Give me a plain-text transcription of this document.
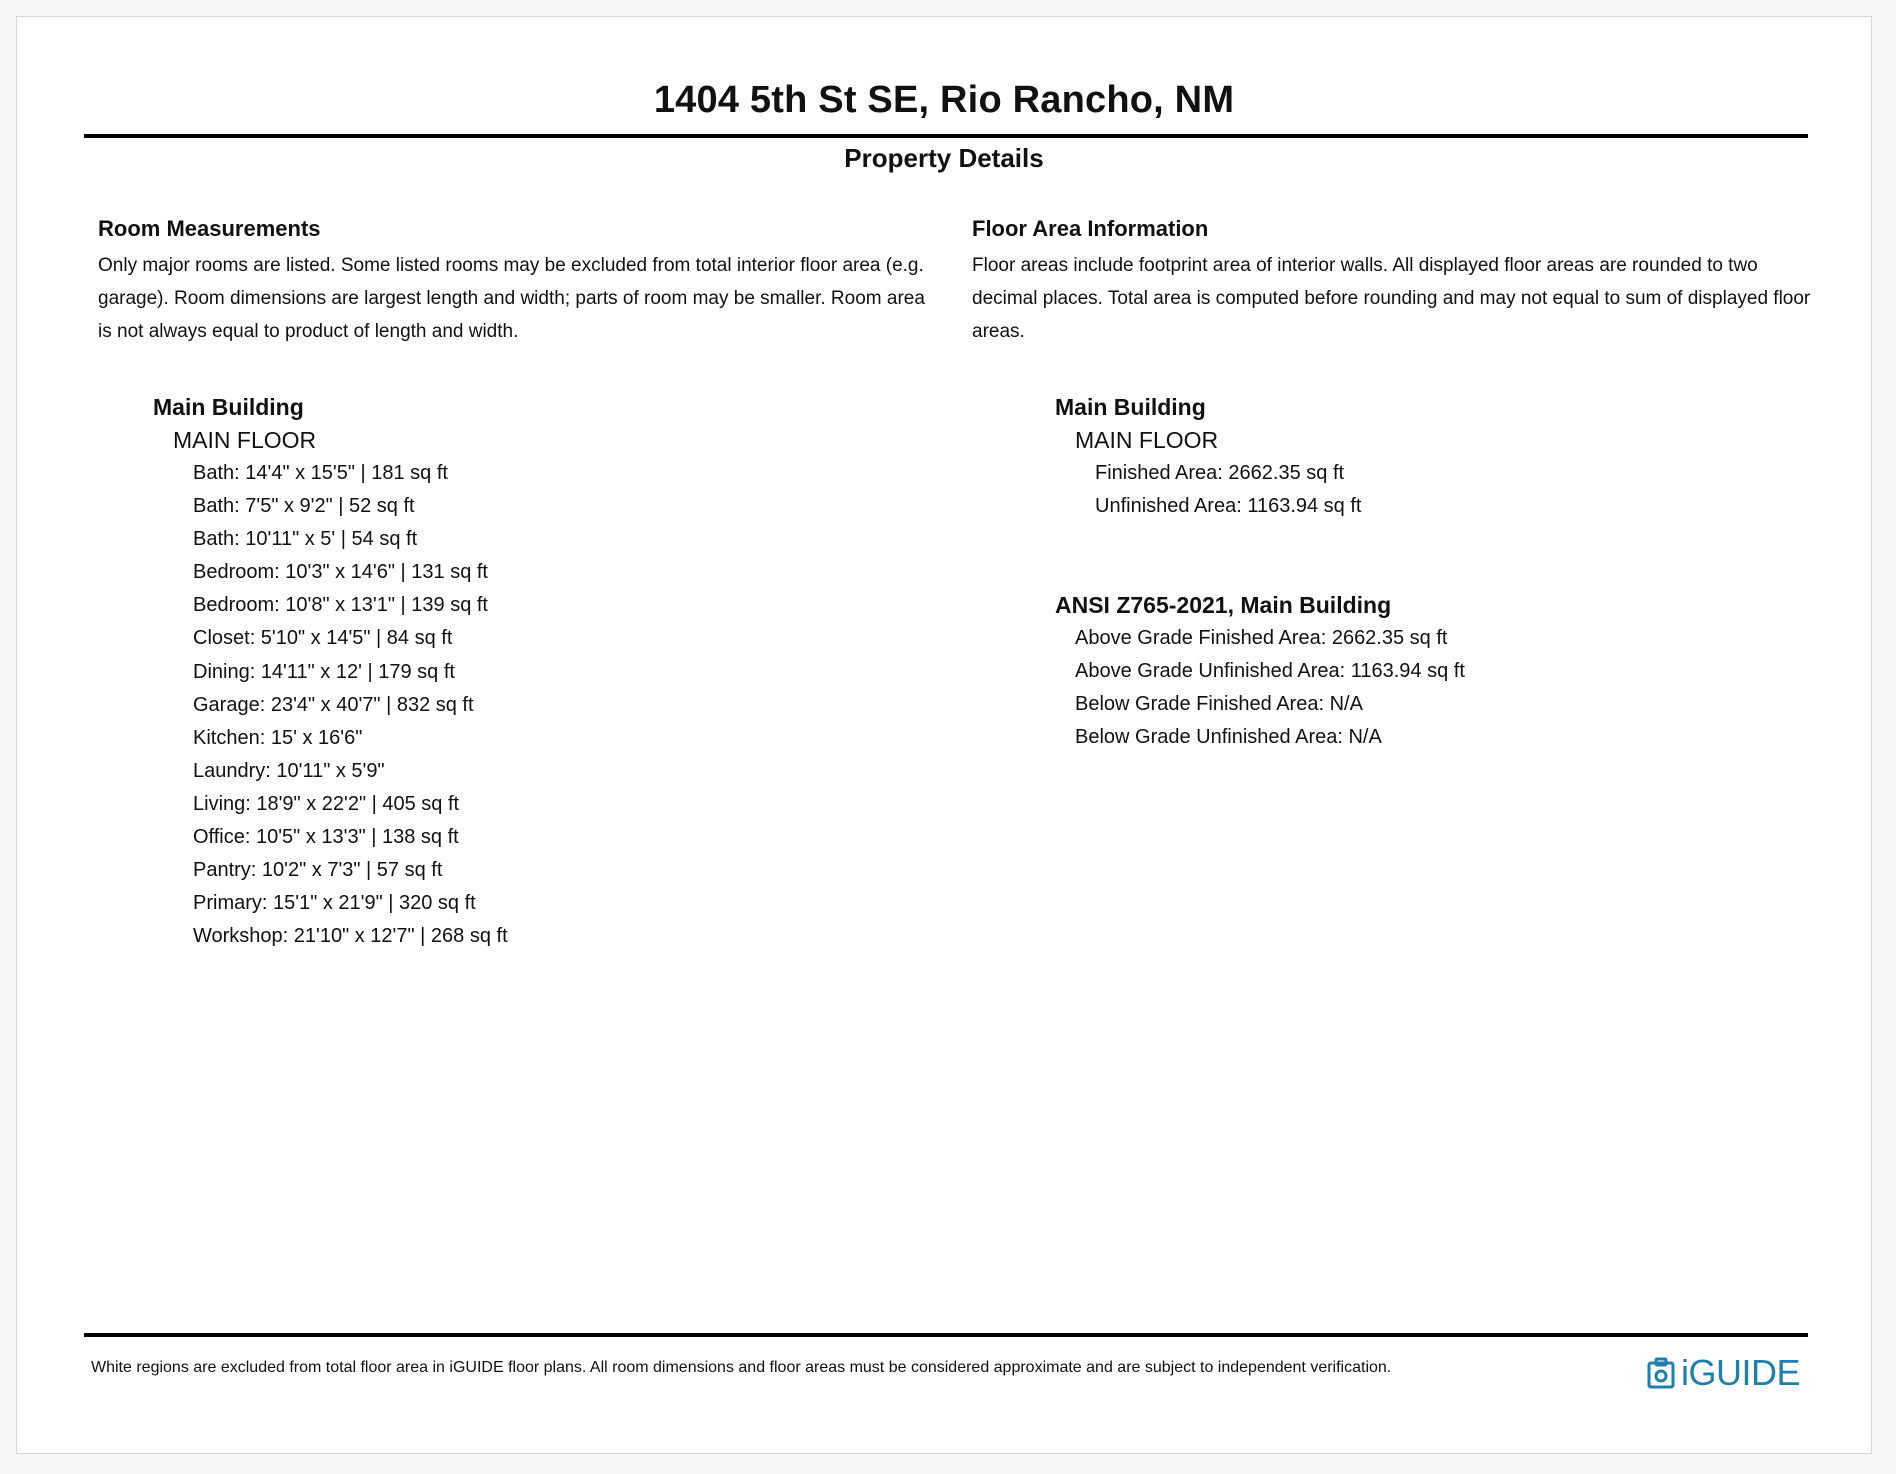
1404 5th St SE, Rio Rancho, NM
Property Details
Room Measurements

Only major rooms are listed. Some listed rooms may be excluded from total interior floor area (e.g. garage). Room dimensions are largest length and width; parts of room may be smaller. Room area is not always equal to product of length and width.

Main Building
MAIN FLOOR
Bath: 14'4" x 15'5" | 181 sq ft
Bath: 7'5" x 9'2" | 52 sq ft
Bath: 10'11" x 5' | 54 sq ft
Bedroom: 10'3" x 14'6" | 131 sq ft
Bedroom: 10'8" x 13'1" | 139 sq ft
Closet: 5'10" x 14'5" | 84 sq ft
Dining: 14'11" x 12' | 179 sq ft
Garage: 23'4" x 40'7" | 832 sq ft
Kitchen: 15' x 16'6"
Laundry: 10'11" x 5'9"
Living: 18'9" x 22'2" | 405 sq ft
Office: 10'5" x 13'3" | 138 sq ft
Pantry: 10'2" x 7'3" | 57 sq ft
Primary: 15'1" x 21'9" | 320 sq ft
Workshop: 21'10" x 12'7" | 268 sq ft
Floor Area Information

Floor areas include footprint area of interior walls. All displayed floor areas are rounded to two decimal places. Total area is computed before rounding and may not equal to sum of displayed floor areas.

Main Building
MAIN FLOOR
Finished Area: 2662.35 sq ft
Unfinished Area: 1163.94 sq ft
ANSI Z765-2021, Main Building
Above Grade Finished Area: 2662.35 sq ft
Above Grade Unfinished Area: 1163.94 sq ft
Below Grade Finished Area: N/A
Below Grade Unfinished Area: N/A
White regions are excluded from total floor area in iGUIDE floor plans. All room dimensions and floor areas must be considered approximate and are subject to independent verification.	iGUIDE
